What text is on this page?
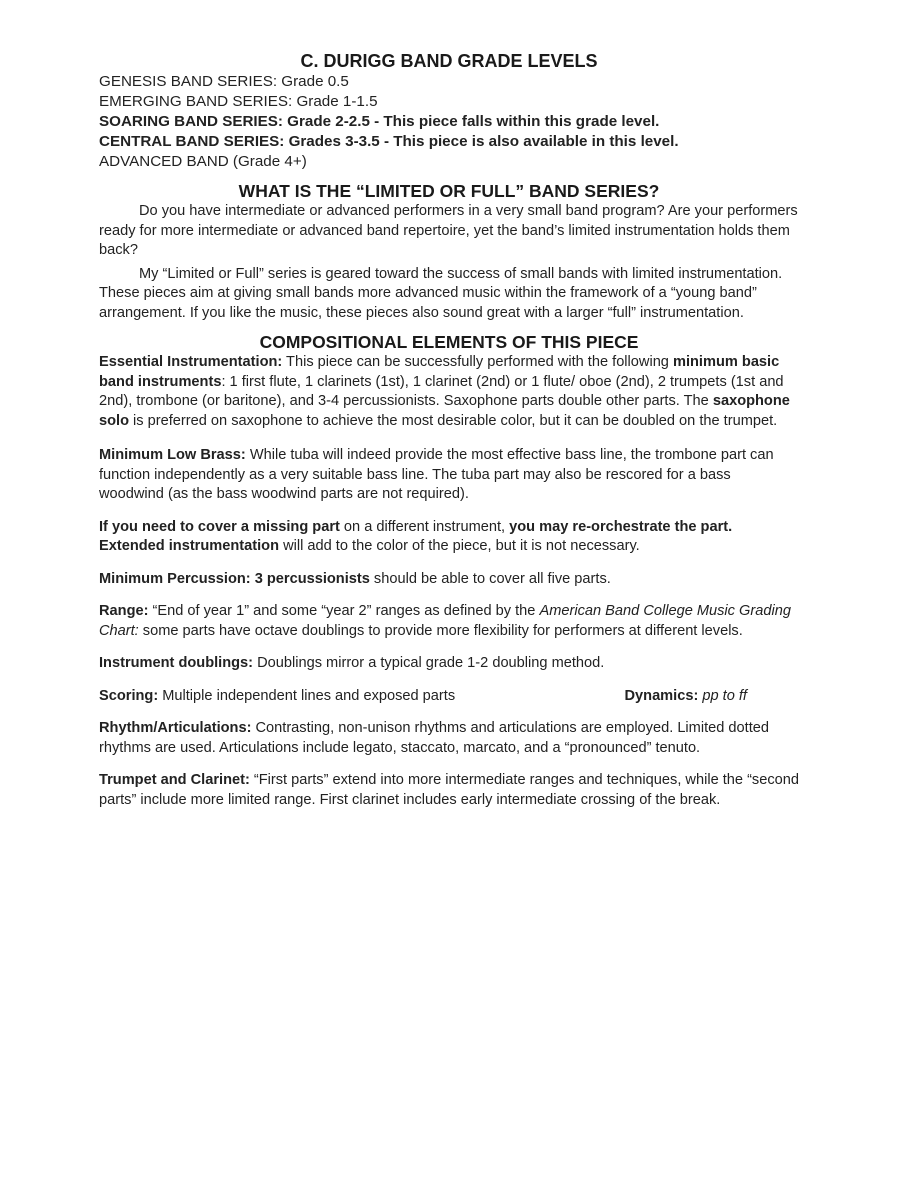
C. DURIGG BAND GRADE LEVELS
GENESIS BAND SERIES: Grade 0.5
EMERGING BAND SERIES: Grade 1-1.5
SOARING BAND SERIES: Grade 2-2.5 - This piece falls within this grade level.
CENTRAL BAND SERIES: Grades 3-3.5 - This piece is also available in this level.
ADVANCED BAND (Grade 4+)
WHAT IS THE “LIMITED OR FULL” BAND SERIES?

Do you have intermediate or advanced performers in a very small band program? Are your performers ready for more intermediate or advanced band repertoire, yet the band’s limited instrumentation holds them back?

My “Limited or Full” series is geared toward the success of small bands with limited instrumentation. These pieces aim at giving small bands more advanced music within the framework of a “young band” arrangement. If you like the music, these pieces also sound great with a larger “full” instrumentation.

COMPOSITIONAL ELEMENTS OF THIS PIECE

Essential Instrumentation: This piece can be successfully performed with the following minimum basic band instruments: 1 first flute, 1 clarinets (1st), 1 clarinet (2nd) or 1 flute/ oboe (2nd), 2 trumpets (1st and 2nd), trombone (or baritone), and 3-4 percussionists. Saxophone parts double other parts. The saxophone solo is preferred on saxophone to achieve the most desirable color, but it can be doubled on the trumpet.

Minimum Low Brass: While tuba will indeed provide the most effective bass line, the trombone part can function independently as a very suitable bass line. The tuba part may also be rescored for a bass woodwind (as the bass woodwind parts are not required).

If you need to cover a missing part on a different instrument, you may re-orchestrate the part. Extended instrumentation will add to the color of the piece, but it is not necessary.

Minimum Percussion: 3 percussionists should be able to cover all five parts.

Range: “End of year 1” and some “year 2” ranges as defined by the American Band College Music Grading Chart: some parts have octave doublings to provide more flexibility for performers at different levels.

Instrument doublings: Doublings mirror a typical grade 1-2 doubling method.

Scoring: Multiple independent lines and exposed parts	Dynamics: pp to ff

Rhythm/Articulations: Contrasting, non-unison rhythms and articulations are employed. Limited dotted rhythms are used. Articulations include legato, staccato, marcato, and a “pronounced” tenuto.

Trumpet and Clarinet: “First parts” extend into more intermediate ranges and techniques, while the “second parts” include more limited range. First clarinet includes early intermediate crossing of the break.
